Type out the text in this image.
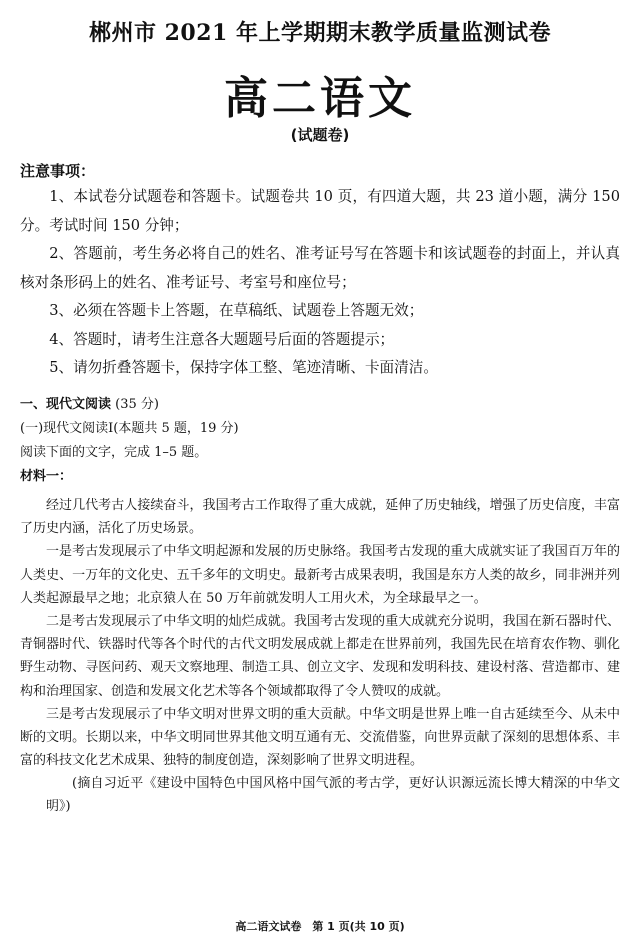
郴州市 2021 年上学期期末教学质量监测试卷
高二语文
(试题卷)
注意事项：

1、本试卷分试题卷和答题卡。试题卷共 10 页，有四道大题，共 23 道小题，满分 150 分。考试时间 150 分钟；

2、答题前，考生务必将自己的姓名、准考证号写在答题卡和该试题卷的封面上，并认真核对条形码上的姓名、准考证号、考室号和座位号；

3、必须在答题卡上答题，在草稿纸、试题卷上答题无效；

4、答题时，请考生注意各大题题号后面的答题提示；

5、请勿折叠答题卡，保持字体工整、笔迹清晰、卡面清洁。

一、现代文阅读 (35 分)
(一)现代文阅读Ⅰ(本题共 5 题，19 分)
阅读下面的文字，完成 1–5 题。
材料一：

经过几代考古人接续奋斗，我国考古工作取得了重大成就，延伸了历史轴线，增强了历史信度，丰富了历史内涵，活化了历史场景。

一是考古发现展示了中华文明起源和发展的历史脉络。我国考古发现的重大成就实证了我国百万年的人类史、一万年的文化史、五千多年的文明史。最新考古成果表明，我国是东方人类的故乡，同非洲并列人类起源最早之地；北京猿人在 50 万年前就发明人工用火术，为全球最早之一。

二是考古发现展示了中华文明的灿烂成就。我国考古发现的重大成就充分说明，我国在新石器时代、青铜器时代、铁器时代等各个时代的古代文明发展成就上都走在世界前列，我国先民在培育农作物、驯化野生动物、寻医问药、观天文察地理、制造工具、创立文字、发现和发明科技、建设村落、营造都市、建构和治理国家、创造和发展文化艺术等各个领域都取得了令人赞叹的成就。

三是考古发现展示了中华文明对世界文明的重大贡献。中华文明是世界上唯一自古延续至今、从未中断的文明。长期以来，中华文明同世界其他文明互通有无、交流借鉴，向世界贡献了深刻的思想体系、丰富的科技文化艺术成果、独特的制度创造，深刻影响了世界文明进程。

(摘自习近平《建设中国特色中国风格中国气派的考古学，更好认识源远流长博大精深的中华文明》)

高二语文试卷　第 1 页(共 10 页)
